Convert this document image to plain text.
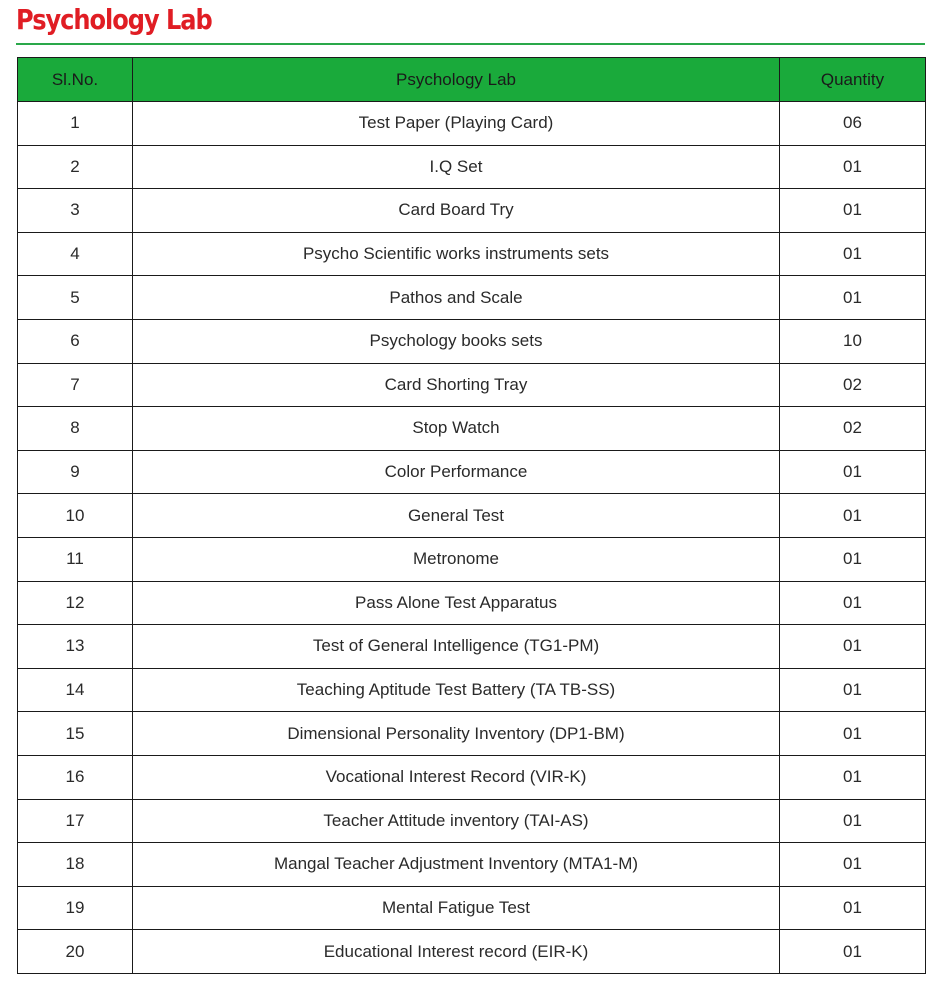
Psychology Lab
Sl.No.	Psychology Lab	Quantity
1	Test Paper (Playing Card)	06
2	I.Q Set	01
3	Card Board Try	01
4	Psycho Scientific works instruments sets	01
5	Pathos and Scale	01
6	Psychology books sets	10
7	Card Shorting Tray	02
8	Stop Watch	02
9	Color Performance	01
10	General Test	01
11	Metronome	01
12	Pass Alone Test Apparatus	01
13	Test of General Intelligence (TG1-PM)	01
14	Teaching Aptitude Test Battery (TA TB-SS)	01
15	Dimensional Personality Inventory (DP1-BM)	01
16	Vocational Interest Record (VIR-K)	01
17	Teacher Attitude inventory (TAI-AS)	01
18	Mangal Teacher Adjustment Inventory (MTA1-M)	01
19	Mental Fatigue Test	01
20	Educational Interest record (EIR-K)	01
